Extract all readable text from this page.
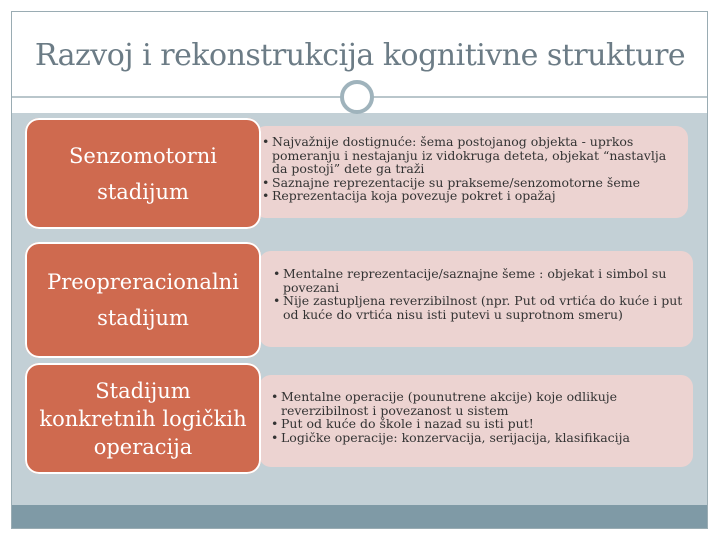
Razvoj i rekonstrukcija kognitivne strukture
• Najvažnije dostignuće: šema postojanog objekta - uprkos pomeranju i nestajanju iz vidokruga deteta, objekat “nastavlja da postoji” dete ga traži
• Saznajne reprezentacije su prakseme/senzomotorne šeme
• Reprezentacija koja povezuje pokret i opažaj
Senzomotorni
stadijum
• Mentalne reprezentacije/saznajne šeme : objekat i simbol su povezani
• Nije zastupljena reverzibilnost (npr. Put od vrtića do kuće i put od kuće do vrtića nisu isti putevi u suprotnom smeru)
Preopreracionalni
stadijum
• Mentalne operacije (pounutrene akcije) koje odlikuje reverzibilnost i povezanost u sistem
• Put od kuće do škole i nazad su isti put!
• Logičke operacije: konzervacija, serijacija, klasifikacija
Stadijum
konkretnih logičkih
operacija
